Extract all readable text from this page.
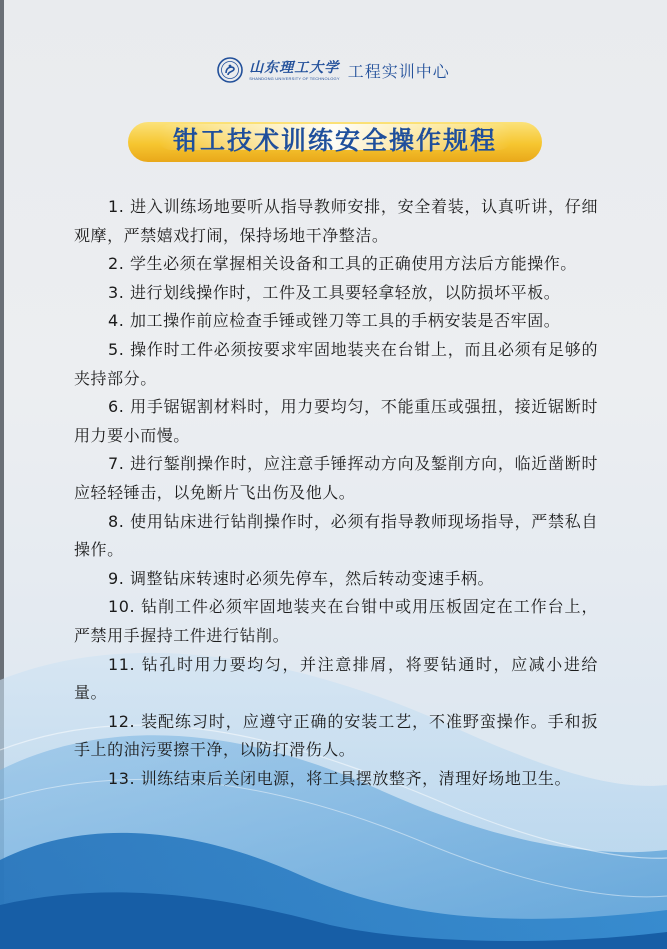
山东理工大学
SHANDONG UNIVERSITY OF TECHNOLOGY 工程实训中心
钳工技术训练安全操作规程
1. 进入训练场地要听从指导教师安排，安全着装，认真听讲，仔细观摩，严禁嬉戏打闹，保持场地干净整洁。
2. 学生必须在掌握相关设备和工具的正确使用方法后方能操作。
3. 进行划线操作时，工件及工具要轻拿轻放，以防损坏平板。
4. 加工操作前应检查手锤或锉刀等工具的手柄安装是否牢固。
5. 操作时工件必须按要求牢固地装夹在台钳上，而且必须有足够的夹持部分。
6. 用手锯锯割材料时，用力要均匀，不能重压或强扭，接近锯断时用力要小而慢。
7. 进行錾削操作时，应注意手锤挥动方向及錾削方向，临近凿断时应轻轻锤击，以免断片飞出伤及他人。
8. 使用钻床进行钻削操作时，必须有指导教师现场指导，严禁私自操作。
9. 调整钻床转速时必须先停车，然后转动变速手柄。
10. 钻削工件必须牢固地装夹在台钳中或用压板固定在工作台上，严禁用手握持工件进行钻削。
11. 钻孔时用力要均匀，并注意排屑，将要钻通时，应减小进给量。
12. 装配练习时，应遵守正确的安装工艺，不准野蛮操作。手和扳手上的油污要擦干净，以防打滑伤人。
13. 训练结束后关闭电源，将工具摆放整齐，清理好场地卫生。
